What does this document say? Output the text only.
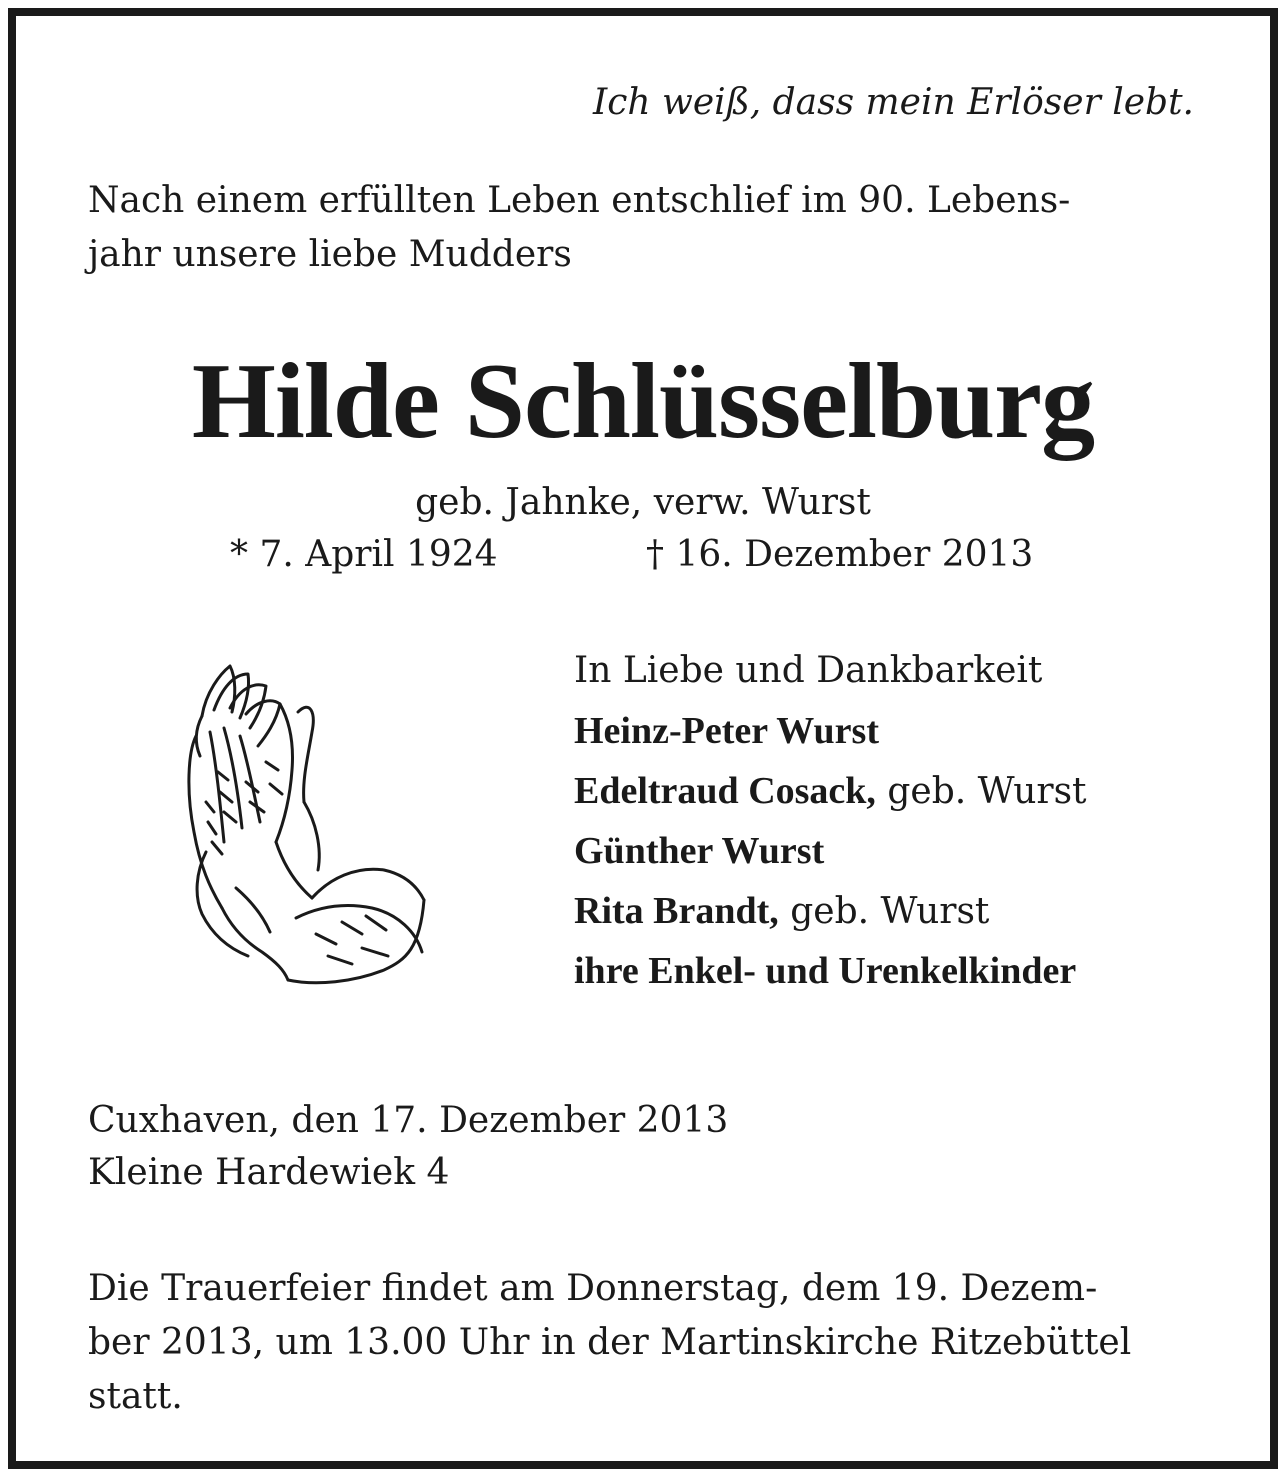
Ich weiß, dass mein Erlöser lebt.

Nach einem erfüllten Leben entschlief im 90. Lebens-
jahr unsere liebe Mudders
Hilde Schlüsselburg

geb. Jahnke, verw. Wurst

* 7. April 1924	† 16. Dezember 2013

In Liebe und Dankbarkeit

Heinz-Peter Wurst

Edeltraud Cosack, geb. Wurst

Günther Wurst

Rita Brandt, geb. Wurst

ihre Enkel- und Urenkelkinder

Cuxhaven, den 17. Dezember 2013

Kleine Hardewiek 4

Die Trauerfeier findet am Donnerstag, dem 19. Dezem-
ber 2013, um 13.00 Uhr in der Martinskirche Ritzebüttel
statt.
